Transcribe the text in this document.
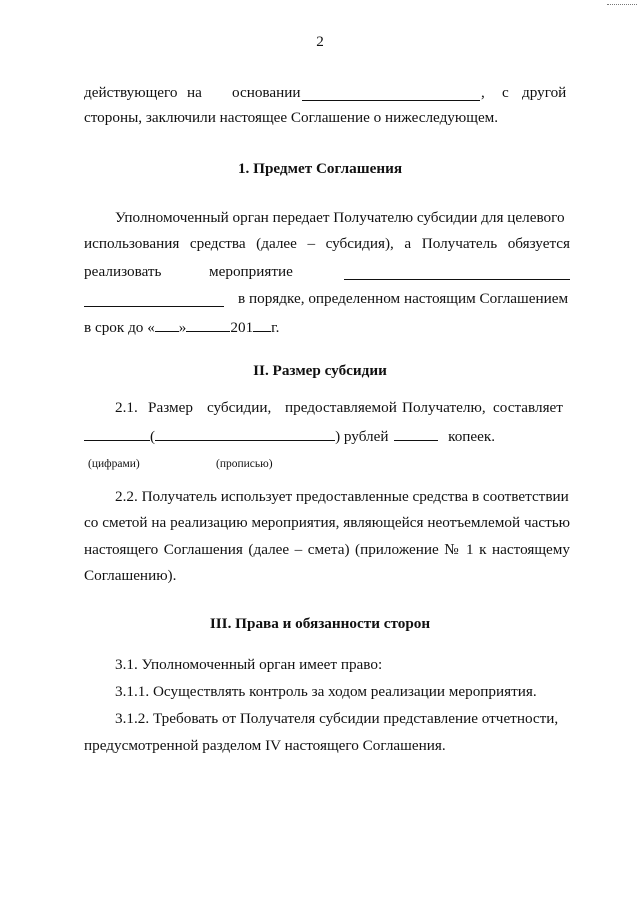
2
действующего на основании	, с другой
стороны, заключили настоящее Соглашение о нижеследующем.
1. Предмет Соглашения
Уполномоченный орган передает Получателю субсидии для целевого
использования средства (далее – субсидия), а Получатель обязуется
реализовать	мероприятие
в порядке, определенном настоящим Соглашением
в срок до « »	201 г.
II. Размер субсидии
2.1. Размер субсидии, предоставляемой Получателю, составляет
(	) рублей	копеек.
(цифрами)	(прописью)
2.2. Получатель использует предоставленные средства в соответствии
со сметой на реализацию мероприятия, являющейся неотъемлемой частью
настоящего Соглашения (далее – смета) (приложение № 1 к настоящему
Соглашению).
III. Права и обязанности сторон
3.1. Уполномоченный орган имеет право:
3.1.1. Осуществлять контроль за ходом реализации мероприятия.
3.1.2. Требовать от Получателя субсидии представление отчетности,
предусмотренной разделом IV настоящего Соглашения.
